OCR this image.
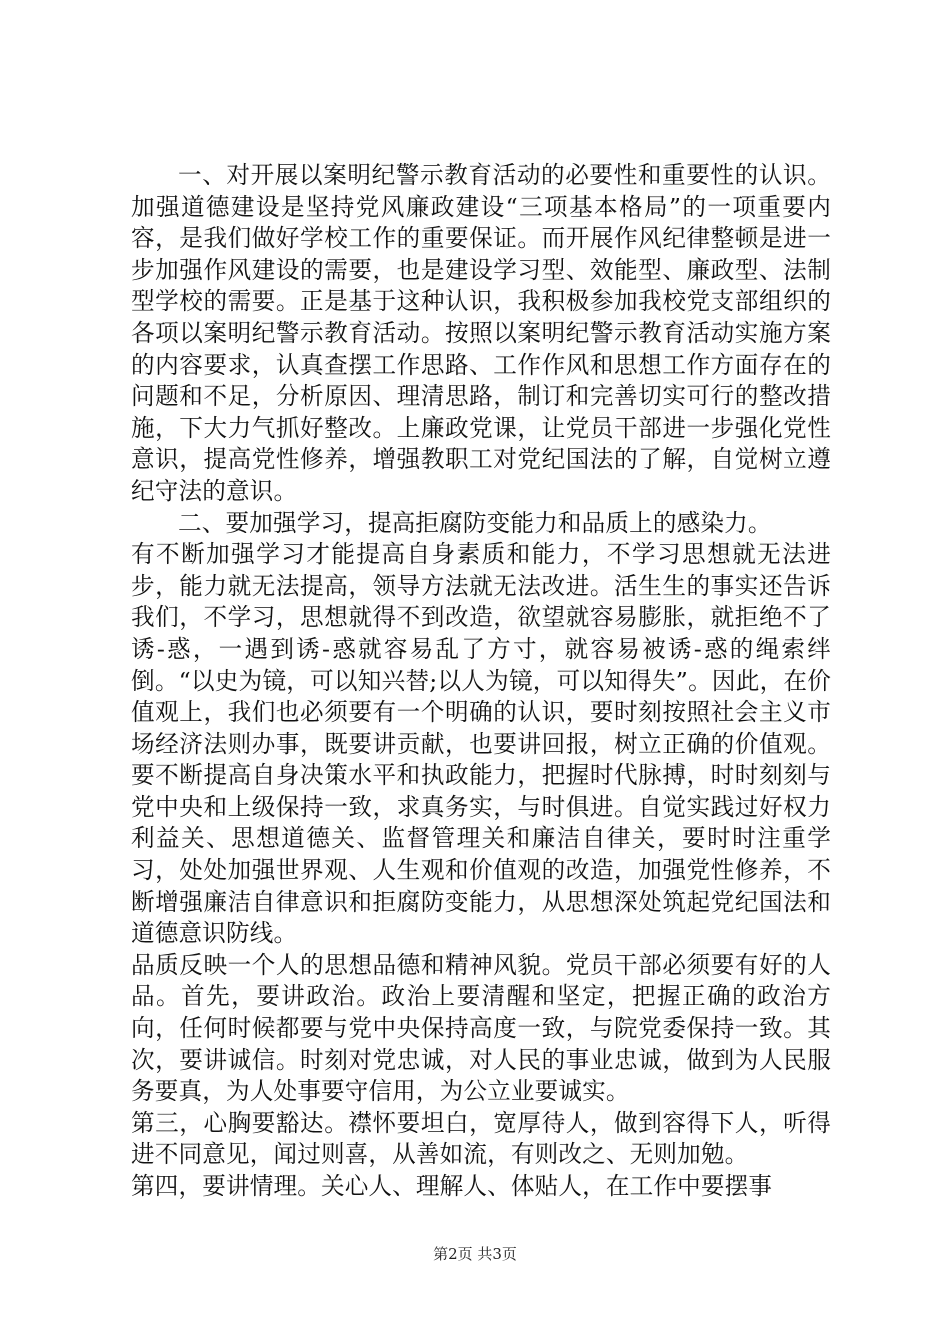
一、对开展以案明纪警示教育活动的必要性和重要性的认识。加强道德建设是坚持党风廉政建设“三项基本格局”的一项重要内容，是我们做好学校工作的重要保证。而开展作风纪律整顿是进一步加强作风建设的需要，也是建设学习型、效能型、廉政型、法制型学校的需要。正是基于这种认识，我积极参加我校党支部组织的各项以案明纪警示教育活动。按照以案明纪警示教育活动实施方案的内容要求，认真查摆工作思路、工作作风和思想工作方面存在的问题和不足，分析原因、理清思路，制订和完善切实可行的整改措施，下大力气抓好整改。上廉政党课，让党员干部进一步强化党性意识，提高党性修养，增强教职工对党纪国法的了解，自觉树立遵纪守法的意识。

二、要加强学习，提高拒腐防变能力和品质上的感染力。

有不断加强学习才能提高自身素质和能力，不学习思想就无法进步，能力就无法提高，领导方法就无法改进。活生生的事实还告诉我们，不学习，思想就得不到改造，欲望就容易膨胀，就拒绝不了诱-惑，一遇到诱-惑就容易乱了方寸，就容易被诱-惑的绳索绊倒。“以史为镜，可以知兴替;以人为镜，可以知得失”。因此，在价值观上，我们也必须要有一个明确的认识，要时刻按照社会主义市场经济法则办事，既要讲贡献，也要讲回报，树立正确的价值观。要不断提高自身决策水平和执政能力，把握时代脉搏，时时刻刻与党中央和上级保持一致，求真务实，与时俱进。自觉实践过好权力利益关、思想道德关、监督管理关和廉洁自律关，要时时注重学习，处处加强世界观、人生观和价值观的改造，加强党性修养，不断增强廉洁自律意识和拒腐防变能力，从思想深处筑起党纪国法和道德意识防线。

品质反映一个人的思想品德和精神风貌。党员干部必须要有好的人品。首先，要讲政治。政治上要清醒和坚定，把握正确的政治方向，任何时候都要与党中央保持高度一致，与院党委保持一致。其次，要讲诚信。时刻对党忠诚，对人民的事业忠诚，做到为人民服务要真，为人处事要守信用，为公立业要诚实。

第三，心胸要豁达。襟怀要坦白，宽厚待人，做到容得下人，听得进不同意见，闻过则喜，从善如流，有则改之、无则加勉。

第四，要讲情理。关心人、理解人、体贴人，在工作中要摆事

第2页 共3页
